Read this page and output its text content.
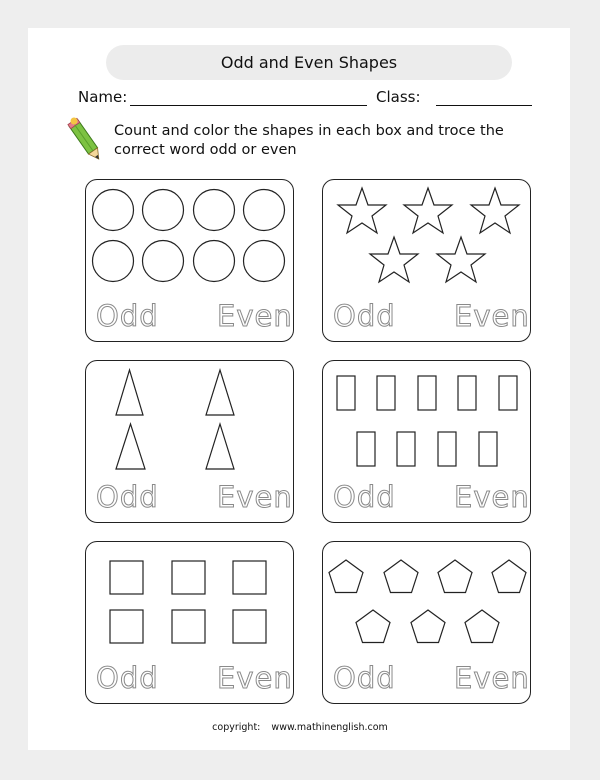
Odd and Even Shapes
Name:	Class:
Count and color the shapes in each box and troce the
correct word odd or even
Odd Even Odd Even
Odd Even Odd Even
Odd Even Odd Even
copyright: www.mathinenglish.com
